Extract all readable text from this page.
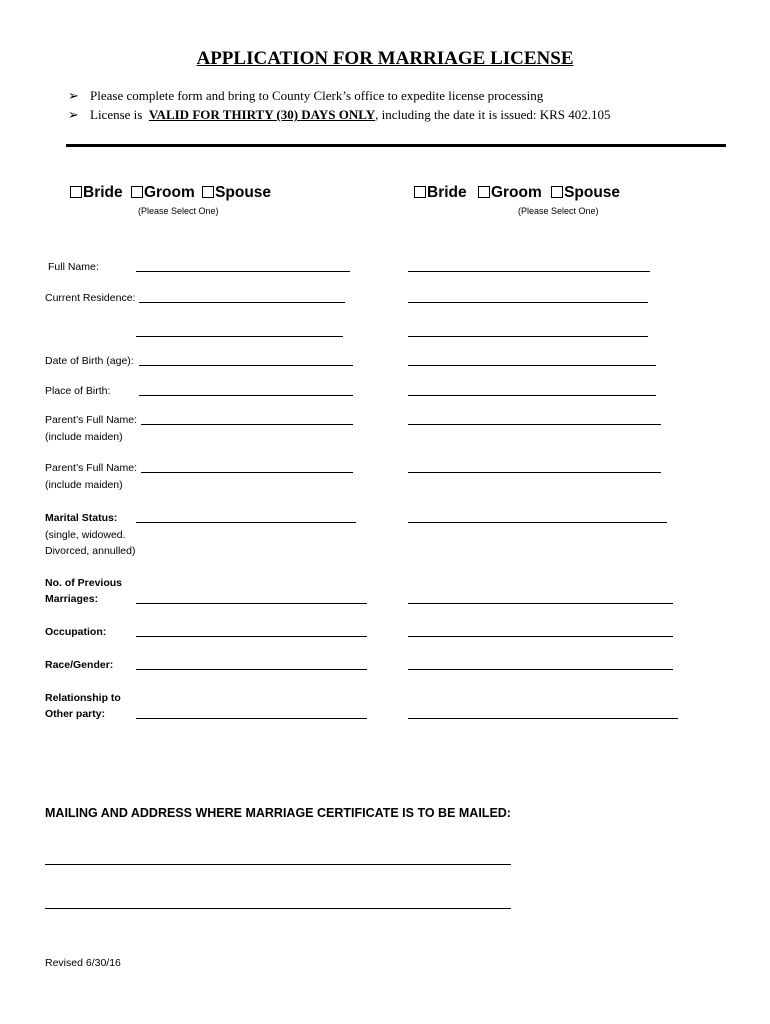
APPLICATION FOR MARRIAGE LICENSE
➢ Please complete form and bring to County Clerk’s office to expedite license processing
➢ License is  VALID FOR THIRTY (30) DAYS ONLY, including the date it is issued: KRS 402.105
Bride Groom Spouse
(Please Select One)
Bride Groom Spouse
(Please Select One)
Full Name:
Current Residence:
Date of Birth (age):
Place of Birth:
Parent’s Full Name:
(include maiden)
Parent’s Full Name:
(include maiden)
Marital Status:
(single, widowed.
Divorced, annulled)
No. of Previous
Marriages:
Occupation:
Race/Gender:
Relationship to
Other party:
MAILING AND ADDRESS WHERE MARRIAGE CERTIFICATE IS TO BE MAILED:
Revised 6/30/16
